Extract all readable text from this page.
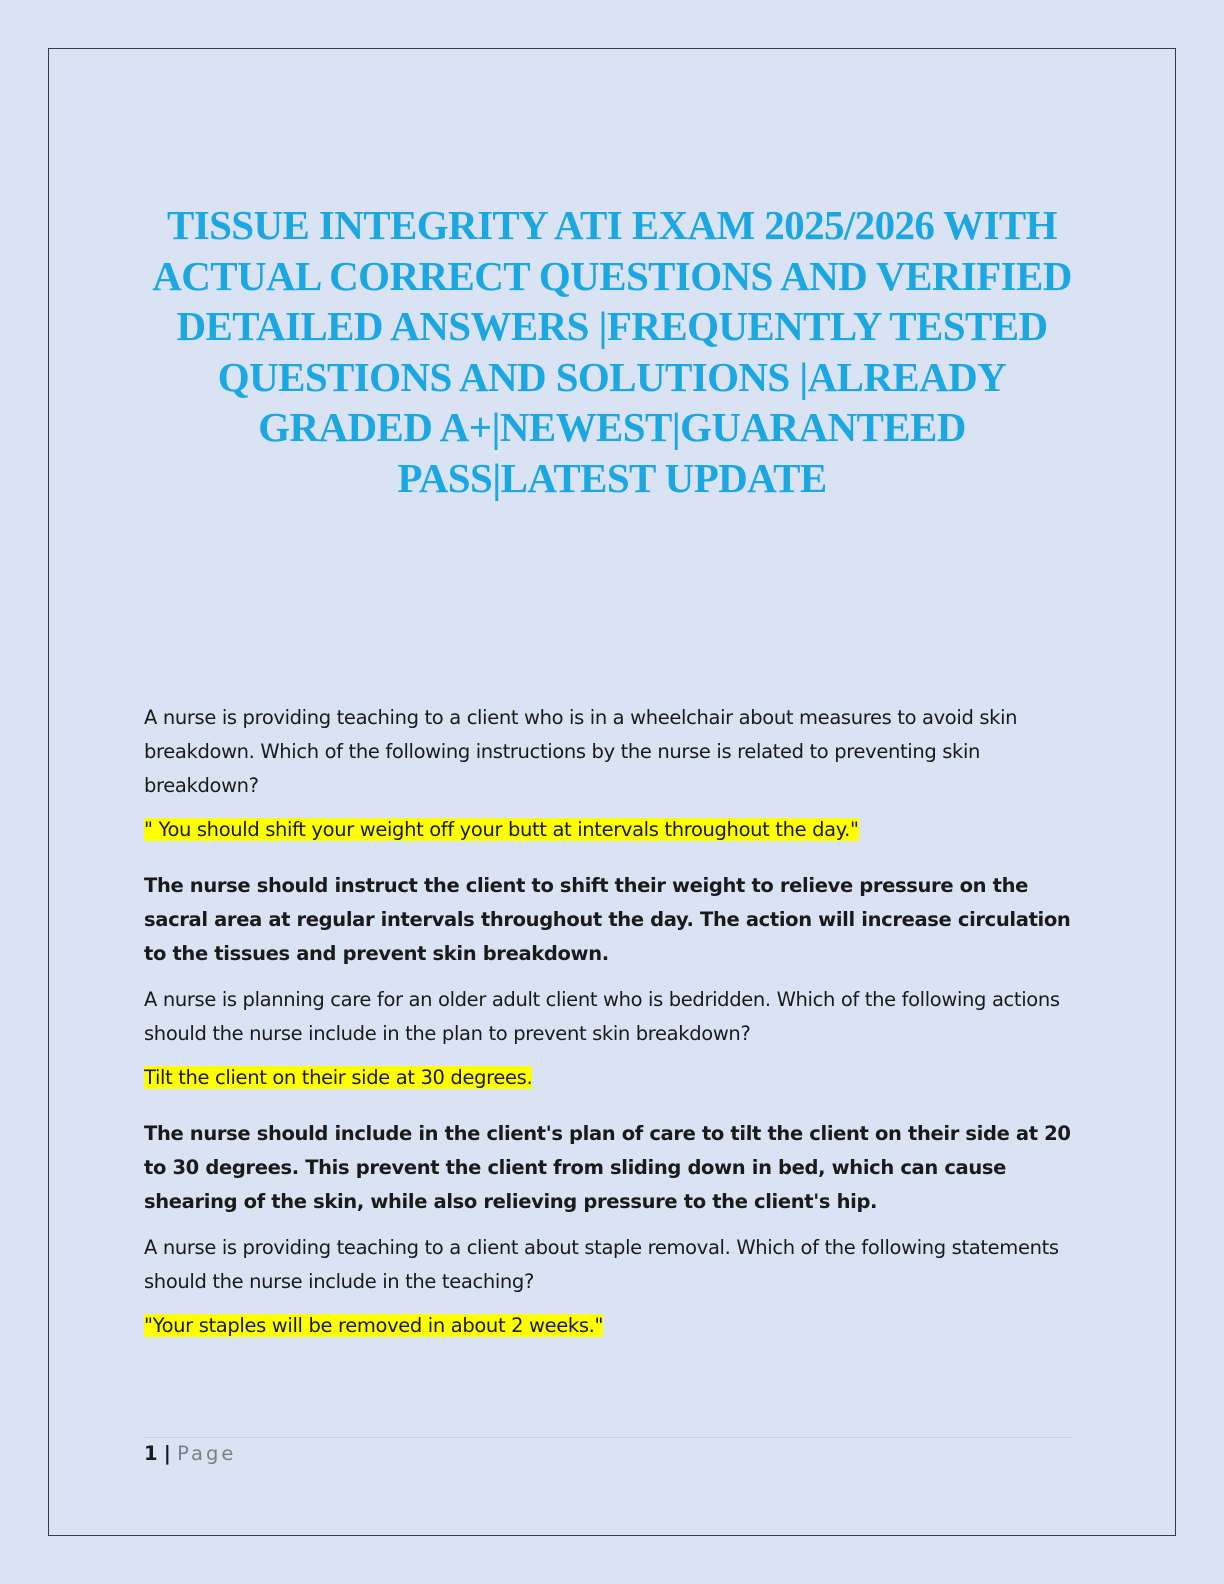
TISSUE INTEGRITY ATI EXAM 2025/2026 WITH ACTUAL CORRECT QUESTIONS AND VERIFIED DETAILED ANSWERS |FREQUENTLY TESTED QUESTIONS AND SOLUTIONS |ALREADY GRADED A+|NEWEST|GUARANTEED PASS|LATEST UPDATE

A nurse is providing teaching to a client who is in a wheelchair about measures to avoid skin breakdown. Which of the following instructions by the nurse is related to preventing skin breakdown?

" You should shift your weight off your butt at intervals throughout the day."

The nurse should instruct the client to shift their weight to relieve pressure on the sacral area at regular intervals throughout the day. The action will increase circulation to the tissues and prevent skin breakdown.

A nurse is planning care for an older adult client who is bedridden. Which of the following actions should the nurse include in the plan to prevent skin breakdown?

Tilt the client on their side at 30 degrees.

The nurse should include in the client's plan of care to tilt the client on their side at 20 to 30 degrees. This prevent the client from sliding down in bed, which can cause shearing of the skin, while also relieving pressure to the client's hip.

A nurse is providing teaching to a client about staple removal. Which of the following statements should the nurse include in the teaching?

"Your staples will be removed in about 2 weeks."

1 | Page
